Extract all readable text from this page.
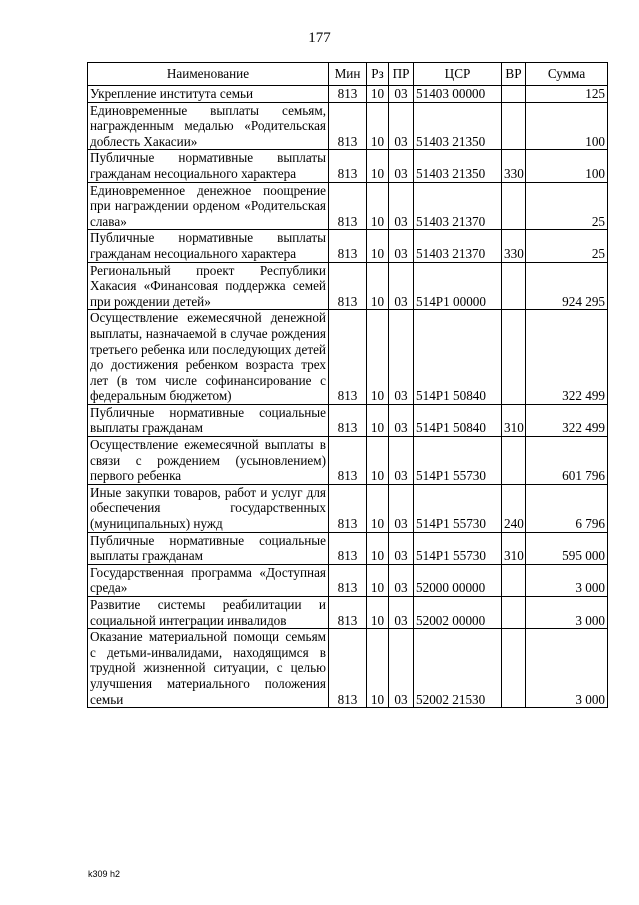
177
Наименование	Мин	Рз	ПР	ЦСР	ВР	Сумма
Укрепление института семьи	813	10	03	51403 00000		125
Единовременные выплаты семьям, награжденным медалью «Родительская доблесть Хакасии»	813	10	03	51403 21350		100
Публичные нормативные выплаты гражданам несоциального характера	813	10	03	51403 21350	330	100
Единовременное денежное поощрение при награждении орденом «Родительская слава»	813	10	03	51403 21370		25
Публичные нормативные выплаты гражданам несоциального характера	813	10	03	51403 21370	330	25
Региональный проект Республики Хакасия «Финансовая поддержка семей при рождении детей»	813	10	03	514P1 00000		924 295
Осуществление ежемесячной денежной выплаты, назначаемой в случае рождения третьего ребенка или последующих детей до достижения ребенком возраста трех лет (в том числе софинансирование с федеральным бюджетом)	813	10	03	514P1 50840		322 499
Публичные нормативные социальные выплаты гражданам	813	10	03	514P1 50840	310	322 499
Осуществление ежемесячной выплаты в связи с рождением (усыновлением) первого ребенка	813	10	03	514P1 55730		601 796
Иные закупки товаров, работ и услуг для обеспечения государственных (муниципальных) нужд	813	10	03	514P1 55730	240	6 796
Публичные нормативные социальные выплаты гражданам	813	10	03	514P1 55730	310	595 000
Государственная программа «Доступная среда»	813	10	03	52000 00000		3 000
Развитие системы реабилитации и социальной интеграции инвалидов	813	10	03	52002 00000		3 000
Оказание материальной помощи семьям с детьми-инвалидами, находящимся в трудной жизненной ситуации, с целью улучшения материального положения семьи	813	10	03	52002 21530		3 000
k309 h2
